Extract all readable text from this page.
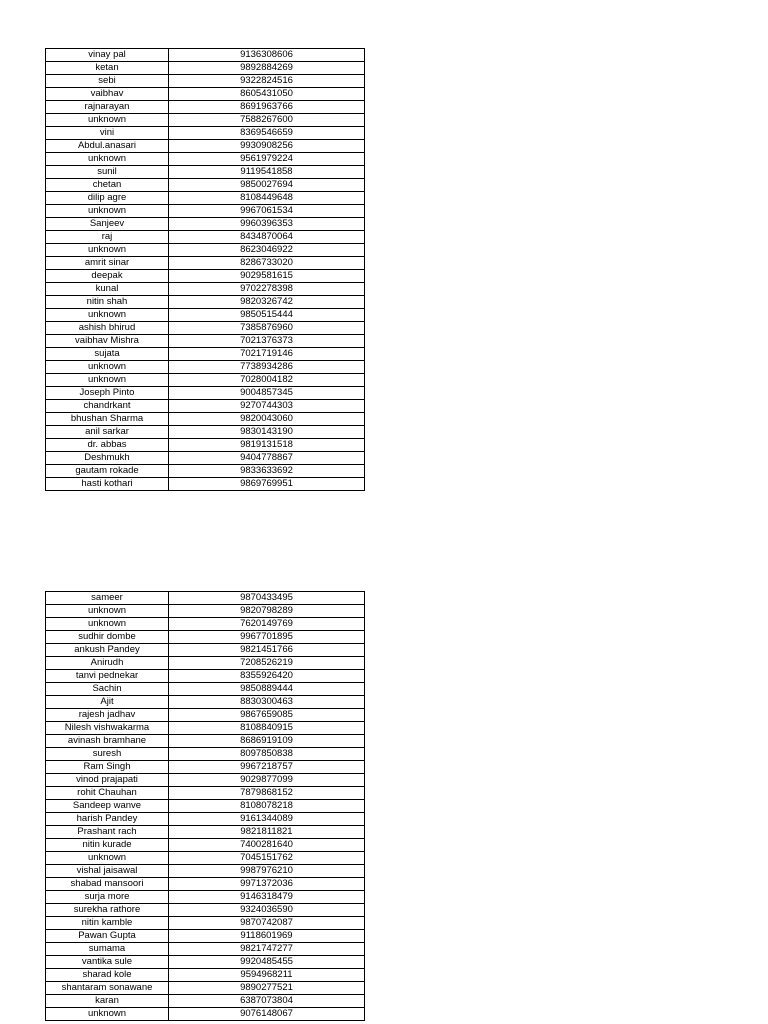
vinay pal	9136308606
ketan	9892884269
sebi	9322824516
vaibhav	8605431050
rajnarayan	8691963766
unknown	7588267600
vini	8369546659
Abdul.anasari	9930908256
unknown	9561979224
sunil	9119541858
chetan	9850027694
dilip agre	8108449648
unknown	9967061534
Sanjeev	9960396353
raj	8434870064
unknown	8623046922
amrit sinar	8286733020
deepak	9029581615
kunal	9702278398
nitin shah	9820326742
unknown	9850515444
ashish bhirud	7385876960
vaibhav Mishra	7021376373
sujata	7021719146
unknown	7738934286
unknown	7028004182
Joseph Pinto	9004857345
chandrkant	9270744303
bhushan Sharma	9820043060
anil sarkar	9830143190
dr. abbas	9819131518
Deshmukh	9404778867
gautam rokade	9833633692
hasti kothari	9869769951
sameer	9870433495
unknown	9820798289
unknown	7620149769
sudhir dombe	9967701895
ankush Pandey	9821451766
Anirudh	7208526219
tanvi pednekar	8355926420
Sachin	9850889444
Ajit	8830300463
rajesh jadhav	9867659085
Nilesh vishwakarma	8108840915
avinash bramhane	8686919109
suresh	8097850838
Ram Singh	9967218757
vinod prajapati	9029877099
rohit Chauhan	7879868152
Sandeep wanve	8108078218
harish Pandey	9161344089
Prashant rach	9821811821
nitin kurade	7400281640
unknown	7045151762
vishal jaisawal	9987976210
shabad mansoori	9971372036
surja more	9146318479
surekha rathore	9324036590
nitin kamble	9870742087
Pawan Gupta	9118601969
sumama	9821747277
vantika sule	9920485455
sharad kole	9594968211
shantaram sonawane	9890277521
karan	6387073804
unknown	9076148067
